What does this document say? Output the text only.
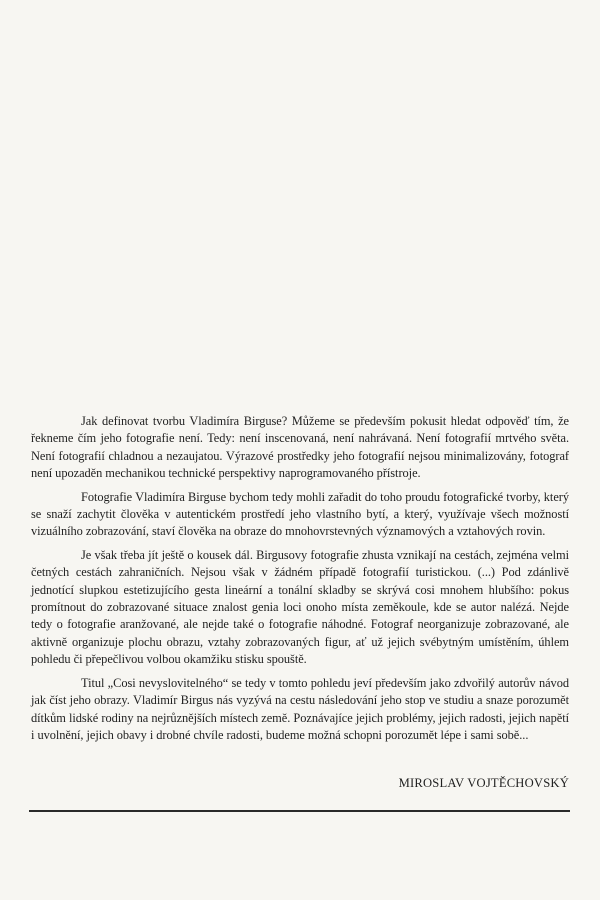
Jak definovat tvorbu Vladimíra Birguse? Můžeme se především pokusit hledat odpověď tím, že řekneme čím jeho fotografie není. Tedy: není inscenovaná, není nahrávaná. Není fotografií mrtvého světa. Není fotografií chladnou a nezaujatou. Výrazové prostředky jeho fotografií nejsou minimalizovány, fotograf není upozaděn mechanikou technické perspektivy naprogramovaného přístroje.

Fotografie Vladimíra Birguse bychom tedy mohli zařadit do toho proudu fotografické tvorby, který se snaží zachytit člověka v autentickém prostředí jeho vlastního bytí, a který, využívaje všech možností vizuálního zobrazování, staví člověka na obraze do mnohovrstevných významových a vztahových rovin.

Je však třeba jít ještě o kousek dál. Birgusovy fotografie zhusta vznikají na cestách, zejména velmi četných cestách zahraničních. Nejsou však v žádném případě fotografií turistickou. (...) Pod zdánlivě jednotící slupkou estetizujícího gesta lineární a tonální skladby se skrývá cosi mnohem hlubšího: pokus promítnout do zobrazované situace znalost genia loci onoho místa zeměkoule, kde se autor nalézá. Nejde tedy o fotografie aranžované, ale nejde také o fotografie náhodné. Fotograf neorganizuje zobrazované, ale aktivně organizuje plochu obrazu, vztahy zobrazovaných figur, ať už jejich svébytným umístěním, úhlem pohledu či přepečlivou volbou okamžiku stisku spouště.

Titul „Cosi nevyslovitelného“ se tedy v tomto pohledu jeví především jako zdvořilý autorův návod jak číst jeho obrazy. Vladimír Birgus nás vyzývá na cestu následování jeho stop ve studiu a snaze porozumět dítkům lidské rodiny na nejrůznějších místech země. Poznávajíce jejich problémy, jejich radosti, jejich napětí i uvolnění, jejich obavy i drobné chvíle radosti, budeme možná schopni porozumět lépe i sami sobě...

MIROSLAV VOJTĚCHOVSKÝ
